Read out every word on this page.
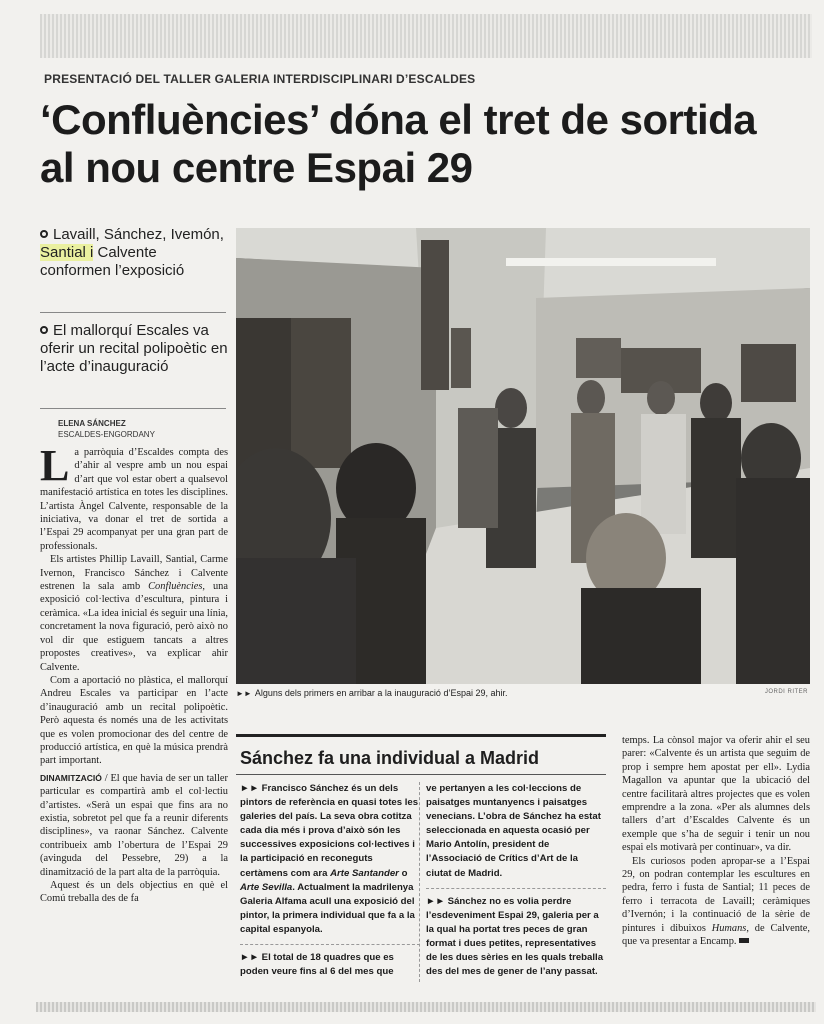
PRESENTACIÓ DEL TALLER GALERIA INTERDISCIPLINARI D’ESCALDES
‘Confluències’ dóna el tret de sortida al nou centre Espai 29
Lavaill, Sánchez, Ivemón, Santial i Calvente conformen l’exposició
El mallorquí Escales va oferir un recital polipoètic en l’acte d’inauguració
ELENA SÁNCHEZ
ESCALDES-ENGORDANY

La parròquia d’Escaldes compta des d’ahir al vespre amb un nou espai d’art que vol estar obert a qualsevol manifestació artística en totes les disciplines. L’artista Àngel Calvente, responsable de la iniciativa, va donar el tret de sortida a l’Espai 29 acompanyat per una gran part de professionals.

Els artistes Phillip Lavaill, Santial, Carme Ivernon, Francisco Sánchez i Calvente estrenen la sala amb Confluències, una exposició col·lectiva d’escultura, pintura i ceràmica. «La idea inicial és seguir una línia, concretament la nova figuració, però això no vol dir que estiguem tancats a altres propostes creatives», va explicar ahir Calvente.

Com a aportació no plàstica, el mallorquí Andreu Escales va participar en l’acte d’inauguració amb un recital polipoètic. Però aquesta és només una de les activitats que es volen promocionar des del centre de producció artística, en què la música prendrà part important.

DINAMITZACIÓ / El que havia de ser un taller particular es compartirà amb el col·lectiu d’artistes. «Serà un espai que fins ara no existia, sobretot pel que fa a reunir diferents disciplines», va raonar Sánchez. Calvente contribueix amb l’obertura de l’Espai 29 (avinguda del Pessebre, 29) a la dinamització de la part alta de la parròquia.

Aquest és un dels objectius en què el Comú treballa des de fa

►► Alguns dels primers en arribar a la inauguració d’Espai 29, ahir.	JORDI RITER
Sánchez fa una individual a Madrid

►► Francisco Sánchez és un dels pintors de referència en quasi totes les galeries del país. La seva obra cotitza cada dia més i prova d’això són les successives exposicions col·lectives i la participació en reconeguts certàmens com ara Arte Santander o Arte Sevilla. Actualment la madrilenya Galeria Alfama acull una exposició del pintor, la primera individual que fa a la capital espanyola.

►► El total de 18 quadres que es poden veure fins al 6 del mes que

ve pertanyen a les col·leccions de paisatges muntanyencs i paisatges venecians. L’obra de Sánchez ha estat seleccionada en aquesta ocasió per Mario Antolín, president de l’Associació de Crítics d’Art de la ciutat de Madrid.

►► Sánchez no es volia perdre l’esdeveniment Espai 29, galeria per a la qual ha portat tres peces de gran format i dues petites, representatives de les dues sèries en les quals treballa des del mes de gener de l’any passat.

temps. La cònsol major va oferir ahir el seu parer: «Calvente és un artista que seguim de prop i sempre hem apostat per ell». Lydia Magallon va apuntar que la ubicació del centre facilitarà altres projectes que es volen emprendre a la zona. «Per als alumnes dels tallers d’art d’Escaldes Calvente és un exemple que s’ha de seguir i tenir un nou espai els motivarà per continuar», va dir.

Els curiosos poden apropar-se a l’Espai 29, on podran contemplar les escultures en pedra, ferro i fusta de Santial; 11 peces de ferro i terracota de Lavaill; ceràmiques d’Ivernón; i la continuació de la sèrie de pintures i dibuixos Humans, de Calvente, que va presentar a Encamp.
